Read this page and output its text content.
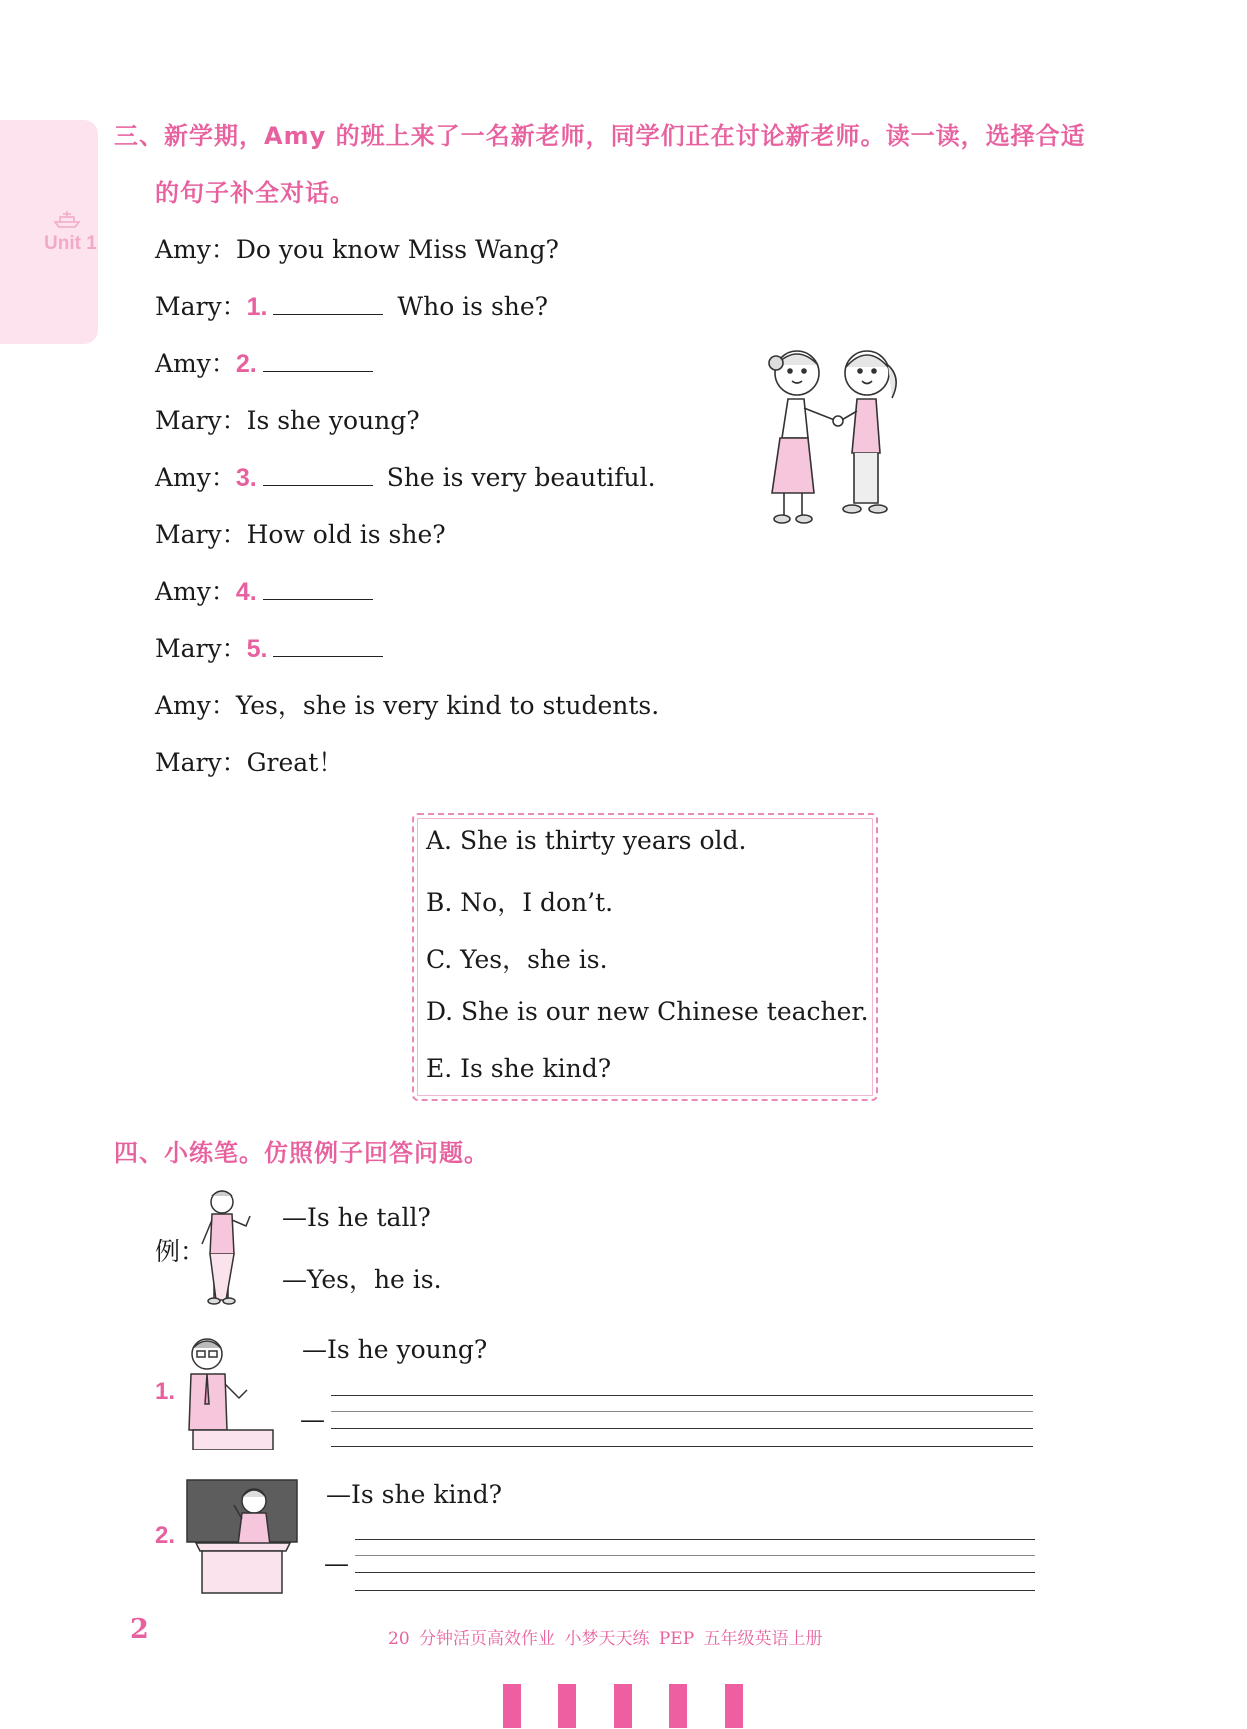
Unit 1
三、新学期，Amy 的班上来了一名新老师，同学们正在讨论新老师。读一读，选择合适
的句子补全对话。
Amy：Do you know Miss Wang?
Mary：1.	Who is she?
Amy：2.
Mary：Is she young?
Amy：3.	She is very beautiful.
Mary：How old is she?
Amy：4.
Mary：5.
Amy：Yes，she is very kind to students.
Mary：Great！
A. She is thirty years old.
B. No，I don’t.
C. Yes，she is.
D. She is our new Chinese teacher.
E. Is she kind?
四、小练笔。仿照例子回答问题。
例：
—Is he tall?
—Yes，he is.
1.
—Is he young?
—
2.
—Is she kind?
—
2	20 分钟活页高效作业 小梦天天练 PEP 五年级英语上册
